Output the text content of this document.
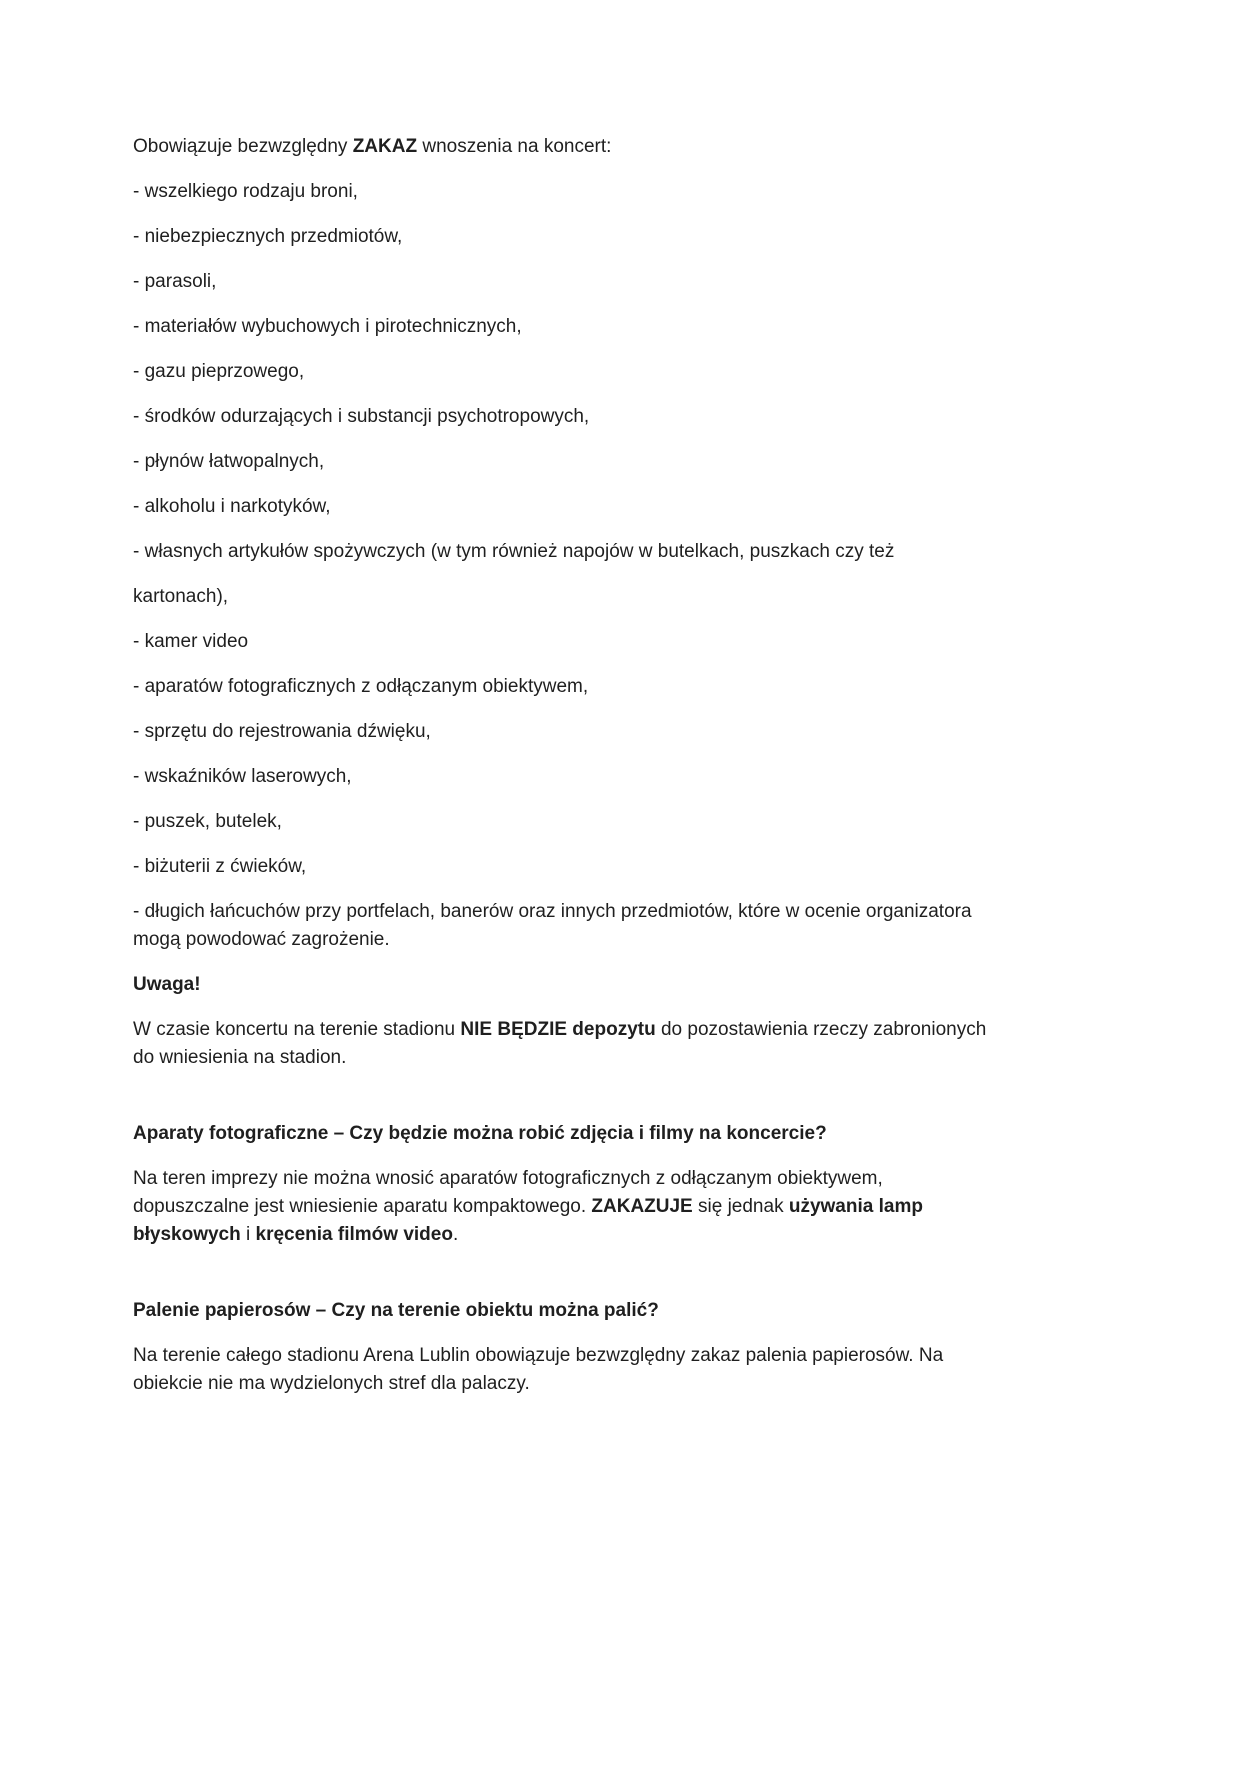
Obowiązuje bezwzględny ZAKAZ wnoszenia na koncert:

- wszelkiego rodzaju broni,

- niebezpiecznych przedmiotów,

- parasoli,

- materiałów wybuchowych i pirotechnicznych,

- gazu pieprzowego,

- środków odurzających i substancji psychotropowych,

- płynów łatwopalnych,

- alkoholu i narkotyków,

- własnych artykułów spożywczych (w tym również napojów w butelkach, puszkach czy też

kartonach),

- kamer video

- aparatów fotograficznych z odłączanym obiektywem,

- sprzętu do rejestrowania dźwięku,

- wskaźników laserowych,

- puszek, butelek,

- biżuterii z ćwieków,

- długich łańcuchów przy portfelach, banerów oraz innych przedmiotów, które w ocenie organizatora
mogą powodować zagrożenie.

Uwaga!

W czasie koncertu na terenie stadionu NIE BĘDZIE depozytu do pozostawienia rzeczy zabronionych
do wniesienia na stadion.

Aparaty fotograficzne – Czy będzie można robić zdjęcia i filmy na koncercie?

Na teren imprezy nie można wnosić aparatów fotograficznych z odłączanym obiektywem,
dopuszczalne jest wniesienie aparatu kompaktowego. ZAKAZUJE się jednak używania lamp
błyskowych i kręcenia filmów video.

Palenie papierosów – Czy na terenie obiektu można palić?

Na terenie całego stadionu Arena Lublin obowiązuje bezwzględny zakaz palenia papierosów. Na
obiekcie nie ma wydzielonych stref dla palaczy.
